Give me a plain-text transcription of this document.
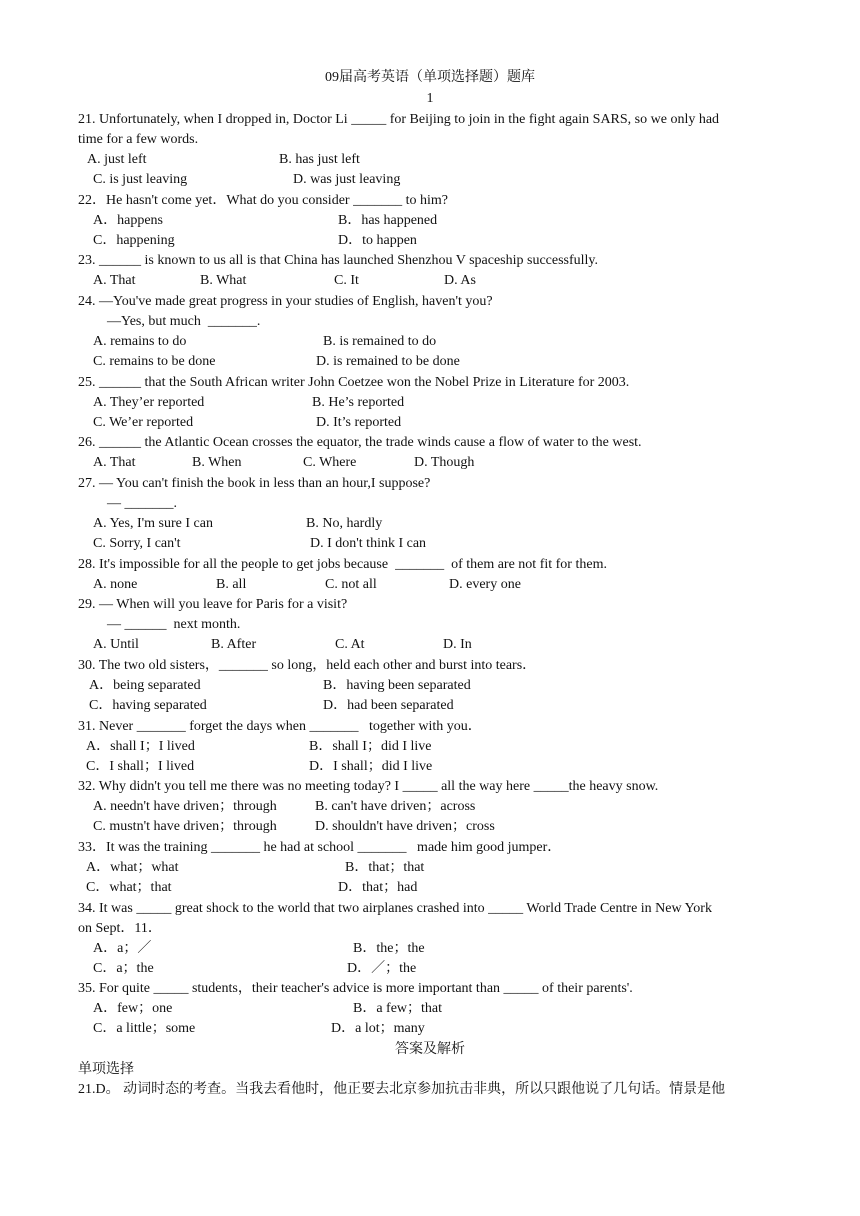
09届高考英语（单项选择题）题库
1
21. Unfortunately, when I dropped in, Doctor Li _____ for Beijing to join in the fight again SARS, so we only had
time for a few words.
A. just left	B. has just left
C. is just leaving	D. was just leaving
22．He hasn't come yet．What do you consider _______ to him?
A．happens	B．has happened
C．happening	D．to happen
23. ______ is known to us all is that China has launched Shenzhou V spaceship successfully.
A. That	B. What	C. It	D. As
24. —You've made great progress in your studies of English, haven't you?
—Yes, but much  _______.
A. remains to do	B. is remained to do
C. remains to be done	D. is remained to be done
25. ______ that the South African writer John Coetzee won the Nobel Prize in Literature for 2003.
A. They’er reported	B. He’s reported
C. We’er reported	D. It’s reported
26. ______ the Atlantic Ocean crosses the equator, the trade winds cause a flow of water to the west.
A. That	B. When	C. Where	D. Though
27. — You can't finish the book in less than an hour,I suppose?
— _______.
A. Yes, I'm sure I can	B. No, hardly
C. Sorry, I can't	D. I don't think I can
28. It's impossible for all the people to get jobs because  _______  of them are not fit for them.
A. none	B. all	C. not all	D. every one
29. — When will you leave for Paris for a visit?
— ______  next month.
A. Until	B. After	C. At	D. In
30. The two old sisters，_______ so long，held each other and burst into tears．
A．being separated	B．having been separated
C．having separated	D．had been separated
31. Never _______ forget the days when _______   together with you．
A．shall I；I lived	B．shall I；did I live
C．I shall；I lived	D．I shall；did I live
32. Why didn't you tell me there was no meeting today? I _____ all the way here _____the heavy snow.
A. needn't have driven；through	B. can't have driven；across
C. mustn't have driven；through	D. shouldn't have driven；cross
33．It was the training _______ he had at school _______   made him good jumper．
A．what；what	B．that；that
C．what；that	D．that；had
34. It was _____ great shock to the world that two airplanes crashed into _____ World Trade Centre in New York
on Sept．11．
A．a；／	B．the；the
C．a；the	D．／；the
35. For quite _____ students，their teacher's advice is more important than _____ of their parents'.
A．few；one	B．a few；that
C．a little；some	D．a lot；many
答案及解析
单项选择
21.D。 动词时态的考查。当我去看他时，他正要去北京参加抗击非典，所以只跟他说了几句话。情景是他
